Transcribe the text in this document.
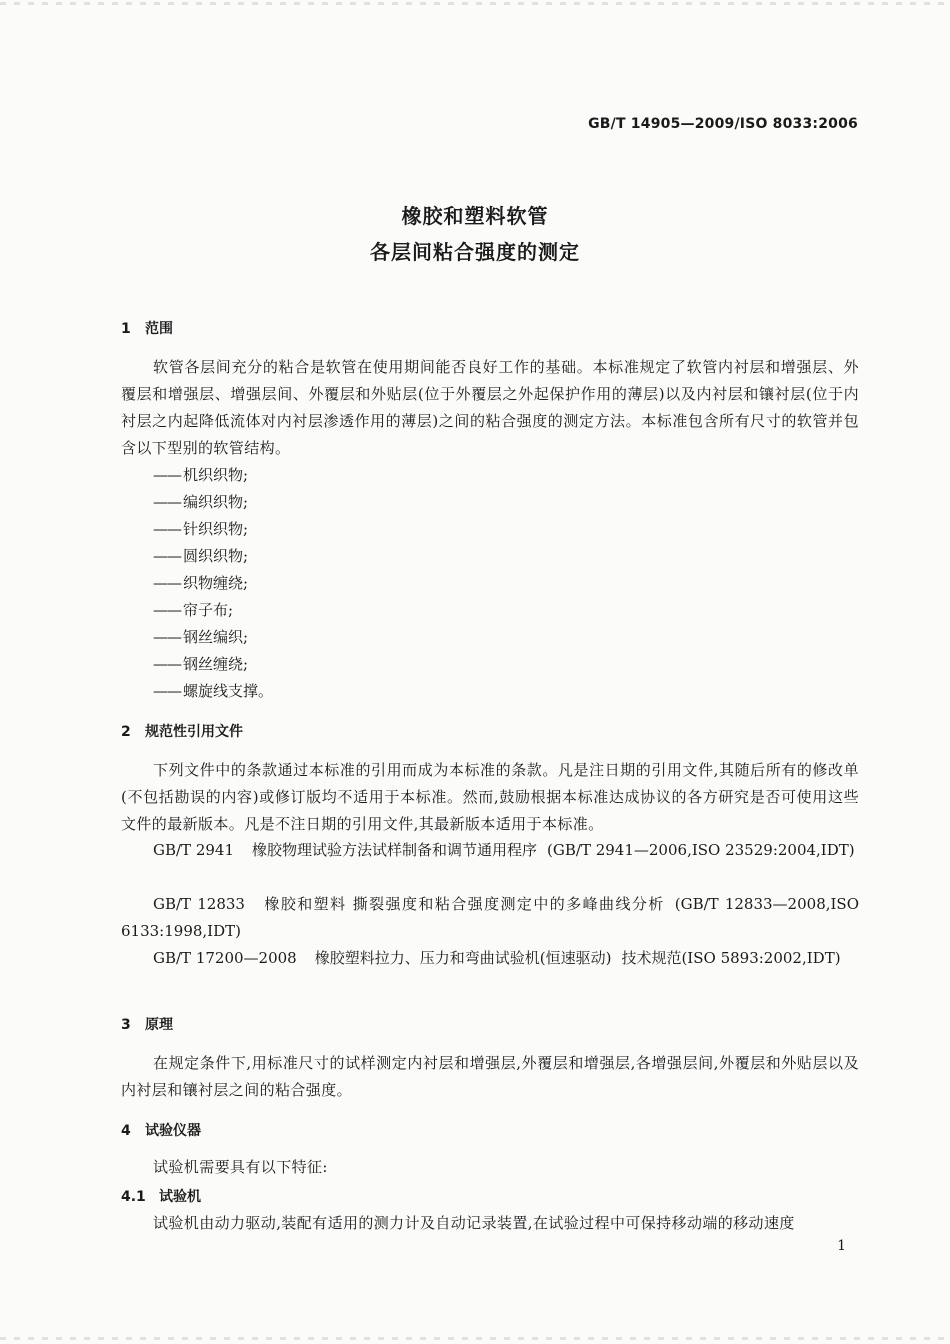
GB/T 14905—2009/ISO 8033:2006
橡胶和塑料软管
各层间粘合强度的测定
1 范围
软管各层间充分的粘合是软管在使用期间能否良好工作的基础。本标准规定了软管内衬层和增强层、外覆层和增强层、增强层间、外覆层和外贴层(位于外覆层之外起保护作用的薄层)以及内衬层和镶衬层(位于内衬层之内起降低流体对内衬层渗透作用的薄层)之间的粘合强度的测定方法。本标准包含所有尺寸的软管并包含以下型别的软管结构。
—— 机织织物;
—— 编织织物;
—— 针织织物;
—— 圆织织物;
—— 织物缠绕;
—— 帘子布;
—— 钢丝编织;
—— 钢丝缠绕;
—— 螺旋线支撑。
2 规范性引用文件
下列文件中的条款通过本标准的引用而成为本标准的条款。凡是注日期的引用文件,其随后所有的修改单(不包括勘误的内容)或修订版均不适用于本标准。然而,鼓励根据本标准达成协议的各方研究是否可使用这些文件的最新版本。凡是不注日期的引用文件,其最新版本适用于本标准。
GB/T 2941 橡胶物理试验方法试样制备和调节通用程序 (GB/T 2941—2006,ISO 23529:2004,IDT)
GB/T 12833 橡胶和塑料 撕裂强度和粘合强度测定中的多峰曲线分析 (GB/T 12833—2008,ISO 6133:1998,IDT)
GB/T 17200—2008 橡胶塑料拉力、压力和弯曲试验机(恒速驱动) 技术规范(ISO 5893:2002,IDT)
3 原理
在规定条件下,用标准尺寸的试样测定内衬层和增强层,外覆层和增强层,各增强层间,外覆层和外贴层以及内衬层和镶衬层之间的粘合强度。
4 试验仪器
试验机需要具有以下特征:
4.1 试验机
试验机由动力驱动,装配有适用的测力计及自动记录装置,在试验过程中可保持移动端的移动速度
1
